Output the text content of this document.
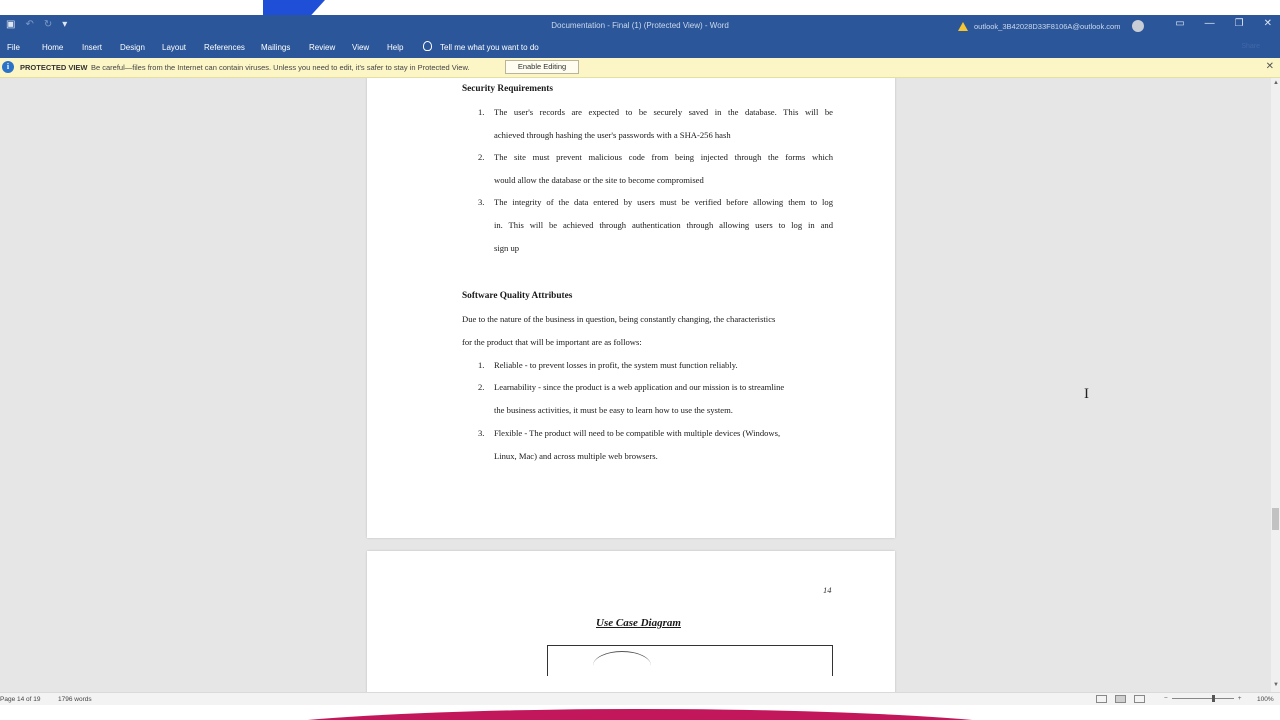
▣ ↶ ↻ ▾	Documentation - Final (1) (Protected View) - Word	outlook_3B42028D33F8106A@outlook.com	▭ — ❐ ✕
File	Home Insert Design Layout References Mailings Review View Help	Tell me what you want to do	Share
i	PROTECTED VIEW Be careful—files from the Internet can contain viruses. Unless you need to edit, it's safer to stay in Protected View.	Enable Editing	✕
Security Requirements
1. The user's records are expected to be securely saved in the database. This will be
achieved through hashing the user's passwords with a SHA-256 hash
2. The site must prevent malicious code from being injected through the forms which
would allow the database or the site to become compromised
3. The integrity of the data entered by users must be verified before allowing them to log
in. This will be achieved through authentication through allowing users to log in and
sign up
Software Quality Attributes
Due to the nature of the business in question, being constantly changing, the characteristics
for the product that will be important are as follows:
1. Reliable - to prevent losses in profit, the system must function reliably.
2. Learnability - since the product is a web application and our mission is to streamline
the business activities, it must be easy to learn how to use the system.
3. Flexible - The product will need to be compatible with multiple devices (Windows,
Linux, Mac) and across multiple web browsers.
14
Use Case Diagram
I
▲
▼
Page 14 of 19	1796 words	−	+ 100%
